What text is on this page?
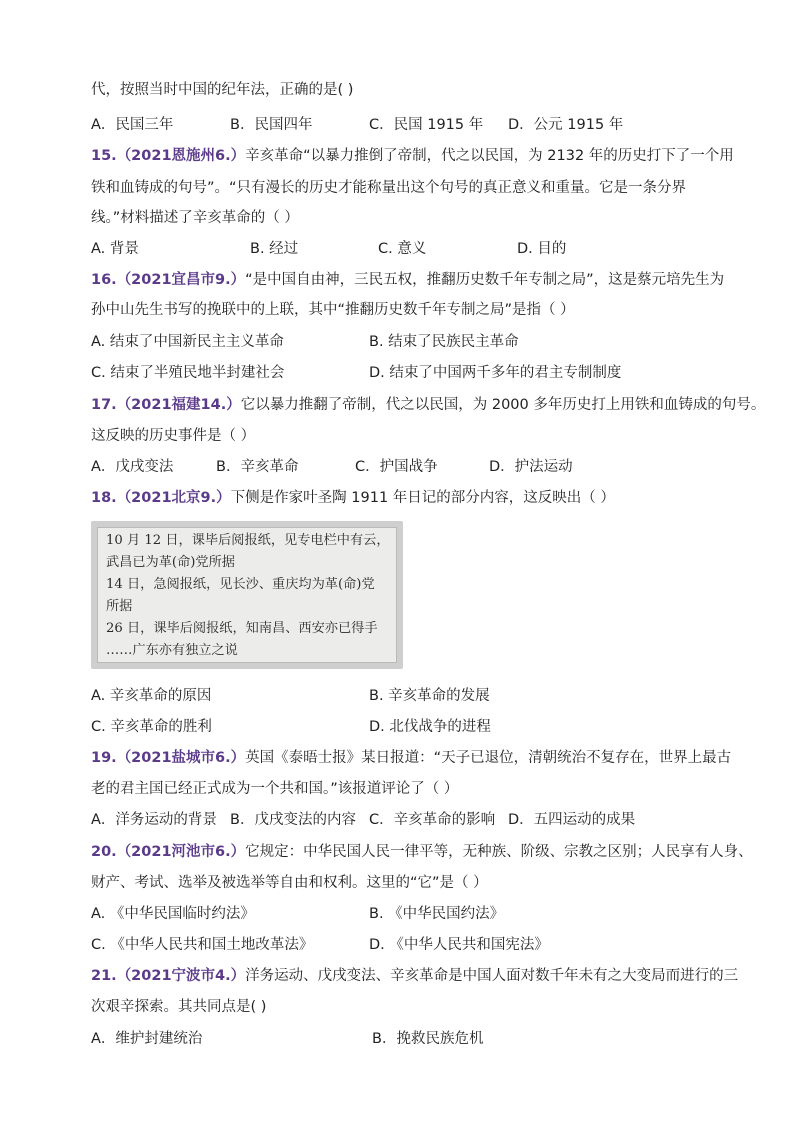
代，按照当时中国的纪年法，正确的是( )
A．民国三年	B．民国四年	C．民国 1915 年 D．公元 1915 年
15.（2021恩施州6.）辛亥革命“以暴力推倒了帝制，代之以民国，为 2132 年的历史打下了一个用
铁和血铸成的句号”。“只有漫长的历史才能称量出这个句号的真正意义和重量。它是一条分界
线。”材料描述了辛亥革命的（ ）
A. 背景	B. 经过	C. 意义	D. 目的
16.（2021宜昌市9.）“是中国自由神，三民五权，推翻历史数千年专制之局”，这是蔡元培先生为
孙中山先生书写的挽联中的上联，其中“推翻历史数千年专制之局”是指（ ）
A. 结束了中国新民主主义革命	B. 结束了民族民主革命
C. 结束了半殖民地半封建社会	D. 结束了中国两千多年的君主专制制度
17.（2021福建14.）它以暴力推翻了帝制，代之以民国，为 2000 多年历史打上用铁和血铸成的句号。
这反映的历史事件是（ ）
A．戊戌变法	B．辛亥革命	C．护国战争	D．护法运动
18.（2021北京9.）下侧是作家叶圣陶 1911 年日记的部分内容，这反映出（ ）
10 月 12 日，课毕后阅报纸，见专电栏中有云，
武昌已为革(命)党所据
14 日，急阅报纸，见长沙、重庆均为革(命)党
所据
26 日，课毕后阅报纸，知南昌、西安亦已得手
……广东亦有独立之说
A. 辛亥革命的原因	B. 辛亥革命的发展
C. 辛亥革命的胜利	D. 北伐战争的进程
19.（2021盐城市6.）英国《泰晤士报》某日报道：“天子已退位，清朝统治不复存在，世界上最古
老的君主国已经正式成为一个共和国。”该报道评论了（ ）
A．洋务运动的背景 B．戊戌变法的内容 C．辛亥革命的影响 D．五四运动的成果
20.（2021河池市6.）它规定：中华民国人民一律平等，无种族、阶级、宗教之区别；人民享有人身、
财产、考试、选举及被选举等自由和权利。这里的“它”是（ ）
A. 《中华民国临时约法》	B. 《中华民国约法》
C. 《中华人民共和国土地改革法》	D. 《中华人民共和国宪法》
21.（2021宁波市4.）洋务运动、戊戌变法、辛亥革命是中国人面对数千年未有之大变局而进行的三
次艰辛探索。其共同点是( )
A．维护封建统治	B．挽救民族危机
